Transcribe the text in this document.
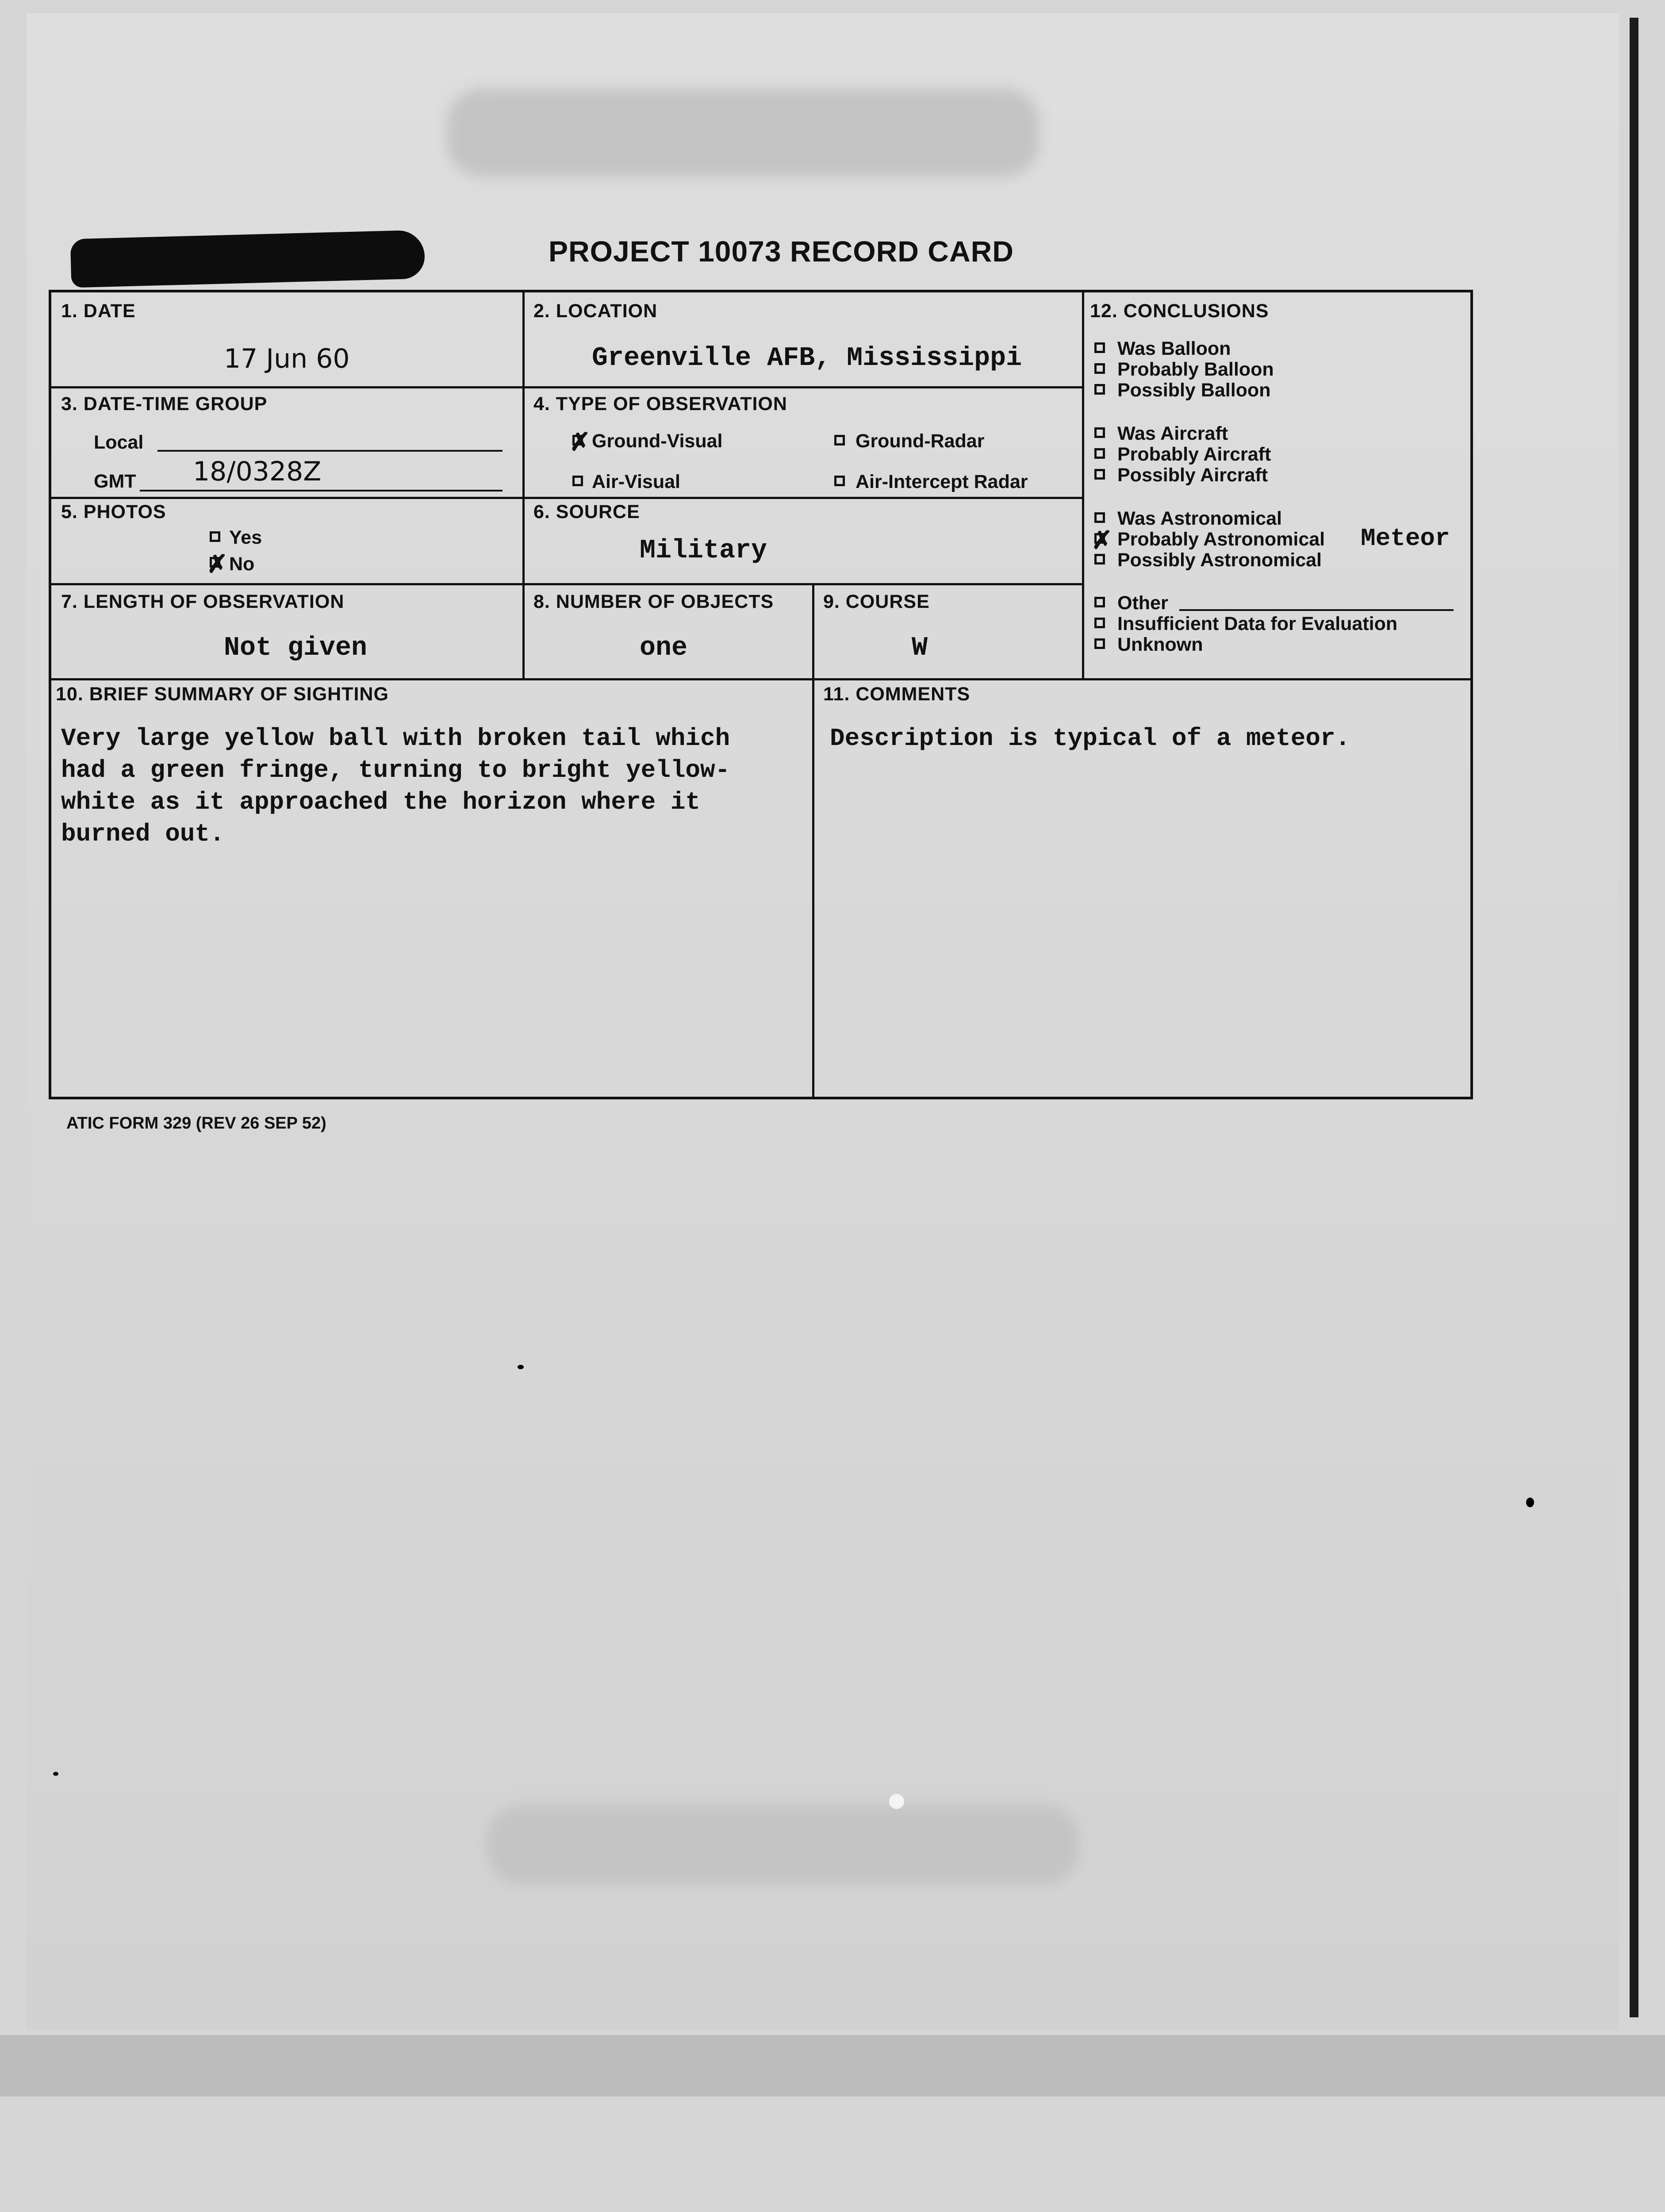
PROJECT 10073 RECORD CARD
1. DATE
17 Jun 60
2. LOCATION
Greenville AFB, Mississippi
3. DATE-TIME GROUP
Local
GMT 18/0328Z
4. TYPE OF OBSERVATION
✗ Ground-Visual	Ground-Radar
Air-Visual	Air-Intercept Radar
5. PHOTOS
Yes
✗ No
6. SOURCE
Military
7. LENGTH OF OBSERVATION
Not given
8. NUMBER OF OBJECTS
one
9. COURSE
W
12. CONCLUSIONS
Was Balloon
Probably Balloon
Possibly Balloon
Was Aircraft
Probably Aircraft
Possibly Aircraft
Was Astronomical
✗ Probably Astronomical Meteor
Possibly Astronomical
Other
Insufficient Data for Evaluation
Unknown
10. BRIEF SUMMARY OF SIGHTING
Very large yellow ball with broken tail which
had a green fringe, turning to bright yellow-
white as it approached the horizon where it
burned out.
11. COMMENTS
Description is typical of a meteor.
ATIC FORM 329 (REV 26 SEP 52)
